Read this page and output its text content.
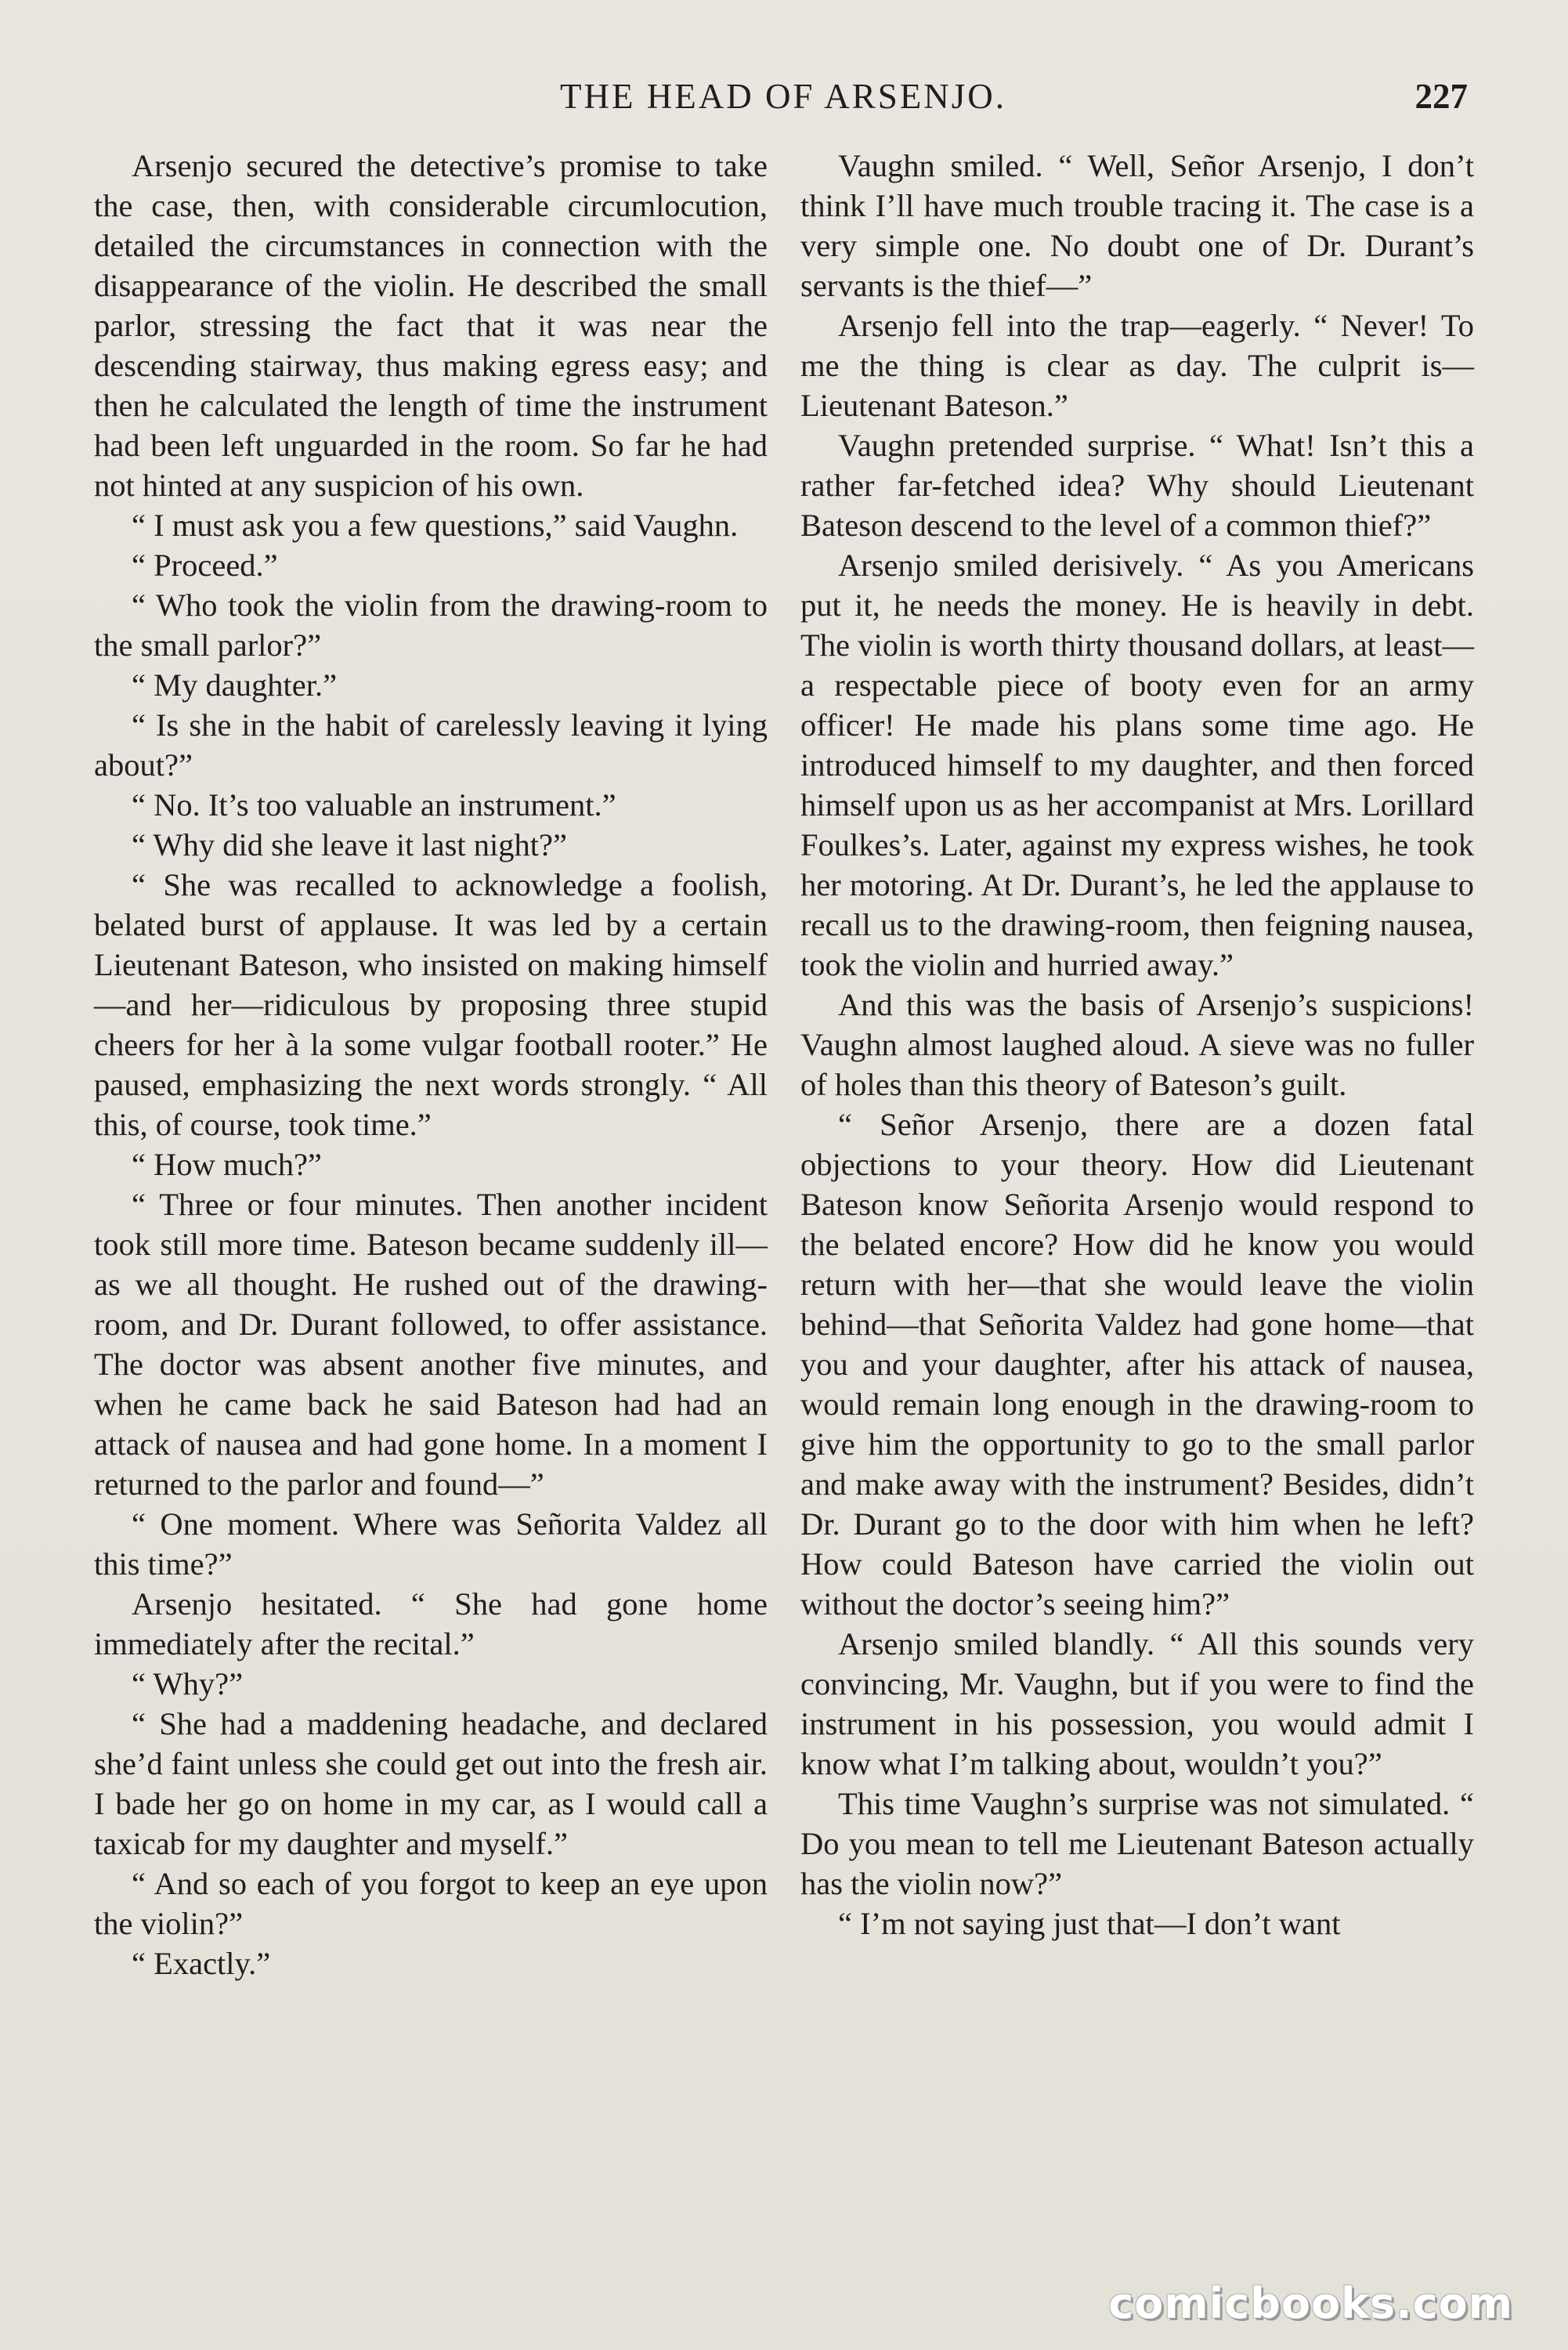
THE HEAD OF ARSENJO.	227

Arsenjo secured the detective’s promise to take the case, then, with considerable circumlocution, detailed the circumstances in connection with the disappearance of the violin. He described the small parlor, stressing the fact that it was near the descending stairway, thus making egress easy; and then he calculated the length of time the instrument had been left unguarded in the room. So far he had not hinted at any suspicion of his own.

“ I must ask you a few questions,” said Vaughn.

“ Proceed.”

“ Who took the violin from the drawing-room to the small parlor?”

“ My daughter.”

“ Is she in the habit of carelessly leaving it lying about?”

“ No. It’s too valuable an instrument.”

“ Why did she leave it last night?”

“ She was recalled to acknowledge a foolish, belated burst of applause. It was led by a certain Lieutenant Bateson, who insisted on making himself—and her—ridiculous by proposing three stupid cheers for her à la some vulgar football rooter.” He paused, emphasizing the next words strongly. “ All this, of course, took time.”

“ How much?”

“ Three or four minutes. Then another incident took still more time. Bateson became suddenly ill—as we all thought. He rushed out of the drawing-room, and Dr. Durant followed, to offer assistance. The doctor was absent another five minutes, and when he came back he said Bateson had had an attack of nausea and had gone home. In a moment I returned to the parlor and found—”

“ One moment. Where was Señorita Valdez all this time?”

Arsenjo hesitated. “ She had gone home immediately after the recital.”

“ Why?”

“ She had a maddening headache, and declared she’d faint unless she could get out into the fresh air. I bade her go on home in my car, as I would call a taxicab for my daughter and myself.”

“ And so each of you forgot to keep an eye upon the violin?”

“ Exactly.”

Vaughn smiled. “ Well, Señor Arsenjo, I don’t think I’ll have much trouble tracing it. The case is a very simple one. No doubt one of Dr. Durant’s servants is the thief—”

Arsenjo fell into the trap—eagerly. “ Never! To me the thing is clear as day. The culprit is—Lieutenant Bateson.”

Vaughn pretended surprise. “ What! Isn’t this a rather far-fetched idea? Why should Lieutenant Bateson descend to the level of a common thief?”

Arsenjo smiled derisively. “ As you Americans put it, he needs the money. He is heavily in debt. The violin is worth thirty thousand dollars, at least—a respectable piece of booty even for an army officer! He made his plans some time ago. He introduced himself to my daughter, and then forced himself upon us as her accompanist at Mrs. Lorillard Foulkes’s. Later, against my express wishes, he took her motoring. At Dr. Durant’s, he led the applause to recall us to the drawing-room, then feigning nausea, took the violin and hurried away.”

And this was the basis of Arsenjo’s suspicions! Vaughn almost laughed aloud. A sieve was no fuller of holes than this theory of Bateson’s guilt.

“ Señor Arsenjo, there are a dozen fatal objections to your theory. How did Lieutenant Bateson know Señorita Arsenjo would respond to the belated encore? How did he know you would return with her—that she would leave the violin behind—that Señorita Valdez had gone home—that you and your daughter, after his attack of nausea, would remain long enough in the drawing-room to give him the opportunity to go to the small parlor and make away with the instrument? Besides, didn’t Dr. Durant go to the door with him when he left? How could Bateson have carried the violin out without the doctor’s seeing him?”

Arsenjo smiled blandly. “ All this sounds very convincing, Mr. Vaughn, but if you were to find the instrument in his possession, you would admit I know what I’m talking about, wouldn’t you?”

This time Vaughn’s surprise was not simulated. “ Do you mean to tell me Lieutenant Bateson actually has the violin now?”

“ I’m not saying just that—I don’t want

comicbooks.com
